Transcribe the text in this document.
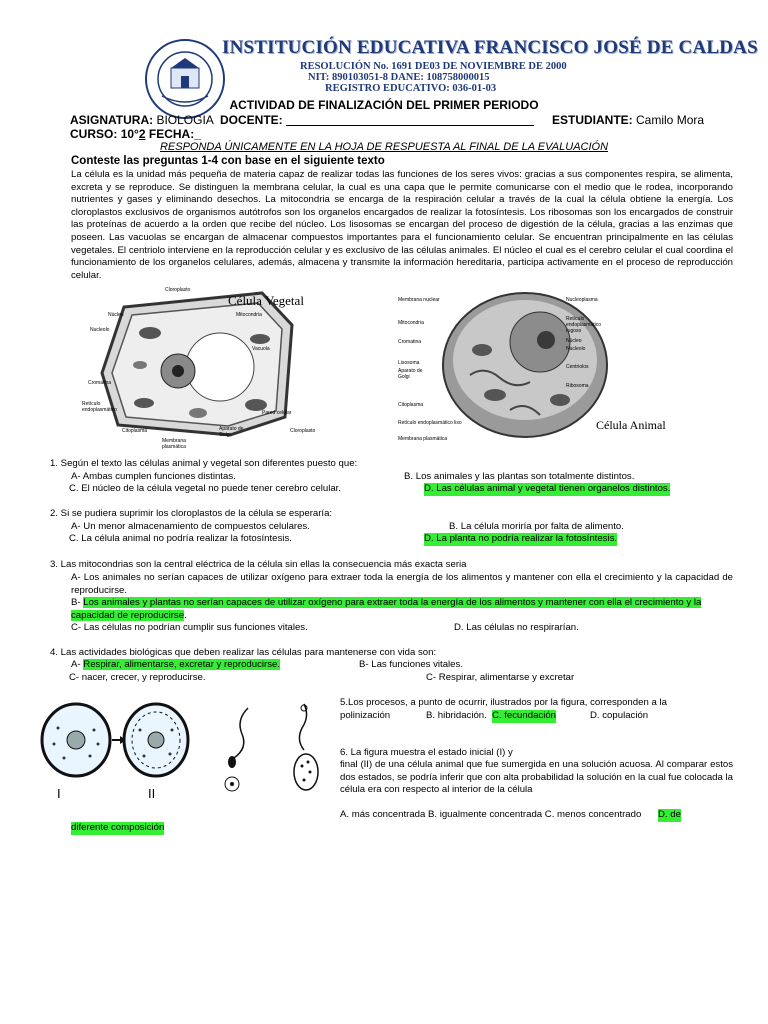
INSTITUCIÓN EDUCATIVA FRANCISCO JOSÉ DE CALDAS
RESOLUCIÓN No. 1691 DE03 DE NOVIEMBRE DE 2000
NIT: 890103051-8 DANE: 108758000015
REGISTRO EDUCATIVO: 036-01-03
ACTIVIDAD DE FINALIZACIÓN DEL PRIMER PERIODO
ASIGNATURA: BIOLOGIA DOCENTE:	ESTUDIANTE: Camilo Mora
CURSO: 10°2 FECHA:_
RESPONDA ÚNICAMENTE EN LA HOJA DE RESPUESTA AL FINAL DE LA EVALUACIÓN
Conteste las preguntas 1-4 con base en el siguiente texto
La célula es la unidad más pequeña de materia capaz de realizar todas las funciones de los seres vivos: gracias a sus componentes respira, se alimenta, excreta y se reproduce. Se distinguen la membrana celular, la cual es una capa que le permite comunicarse con el medio que le rodea, incorporando nutrientes y gases y eliminando desechos. La mitocondria se encarga de la respiración celular a través de la cual la célula obtiene la energía. Los cloroplastos exclusivos de organismos autótrofos son los organelos encargados de realizar la fotosíntesis. Los ribosomas son los encargados de construir las proteínas de acuerdo a la orden que recibe del núcleo. Los lisosomas se encargan del proceso de digestión de la célula, gracias a las enzimas que poseen. Las vacuolas se encargan de almacenar compuestos importantes para el funcionamiento celular. Se encuentran principalmente en las células vegetales. El centriolo interviene en la reproducción celular y es exclusivo de las células animales. El núcleo el cual es el cerebro celular el cual coordina el funcionamiento de los organelos celulares, además, almacena y transmite la información hereditaria, participa activamente en el proceso de reproducción celular.
Célula Vegetal
Cloroplasto
Núcleo
Nucleolo
Mitocondria
Vacuola
Cromatina
Retículo endoplasmático
Citoplasma
Membrana plasmática
Aparato de Golgi
Pared celular
Cloroplasto	Célula Animal
Membrana nuclear
Mitocondria
Cromatina
Lisosoma
Aparato de Golgi
Citoplasma
Retículo endoplasmático liso
Membrana plasmática
Nucleoplasma
Retículo endoplasmático rugoso
Núcleo
Nucleolo
Centriolos
Ribosoma
1. Según el texto las células animal y vegetal son diferentes puesto que:
A- Ambas cumplen funciones distintas.	B. Los animales y las plantas son totalmente distintos.
C. El núcleo de la célula vegetal no puede tener cerebro celular.	D. Las células animal y vegetal tienen organelos distintos.
2. Si se pudiera suprimir los cloroplastos de la célula se esperaría:
A- Un menor almacenamiento de compuestos celulares.	B. La célula moriría por falta de alimento.
C. La célula animal no podría realizar la fotosíntesis.	D. La planta no podría realizar la fotosíntesis.
3. Las mitocondrias son la central eléctrica de la célula sin ellas la consecuencia más exacta seria
A- Los animales no serían capaces de utilizar oxígeno para extraer toda la energía de los alimentos y mantener con ella el crecimiento y la capacidad de reproducirse.
B- Los animales y plantas no serían capaces de utilizar oxígeno para extraer toda la energía de los alimentos y mantener con ella el crecimiento y la capacidad de reproducirse.
C- Las células no podrían cumplir sus funciones vitales.	D. Las células no respirarían.
4. Las actividades biológicas que deben realizar las células para mantenerse con vida son:
A- Respirar, alimentarse, excretar y reproducirse.	B- Las funciones vitales.
C- nacer, crecer, y reproducirse.	C- Respirar, alimentarse y excretar
I	II
5.Los procesos, a punto de ocurrir, ilustrados por la figura, corresponden a la
polinización	B. hibridación. C. fecundación	D. copulación
6. La figura muestra el estado inicial (I) y
final (II) de una célula animal que fue sumergida en una solución acuosa. Al comparar estos dos estados, se podría inferir que con alta probabilidad la solución en la cual fue colocada la célula era con respecto al interior de la célula
A. más concentrada B. igualmente concentrada C. menos concentrado D. de
diferente composición
